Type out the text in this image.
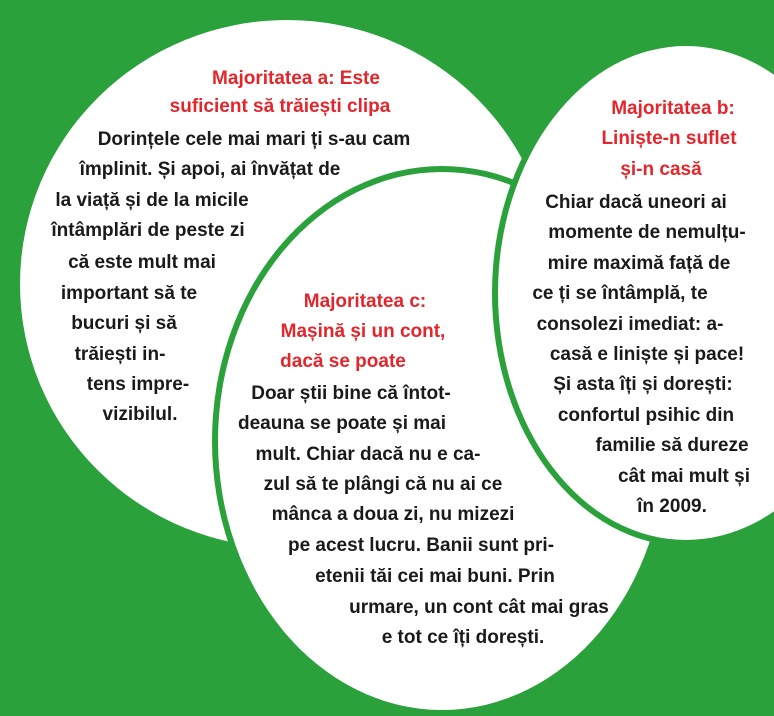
Majoritatea a: Este
suficient să trăiești clipa
Dorințele cele mai mari ți s-au cam
împlinit. Și apoi, ai învățat de
la viață și de la micile
întâmplări de peste zi
că este mult mai
important să te
bucuri și să
trăiești in-
tens impre-
vizibilul.
Majoritatea c:
Mașină și un cont,
dacă se poate
Doar știi bine că întot-
deauna se poate și mai
mult. Chiar dacă nu e ca-
zul să te plângi că nu ai ce
mânca a doua zi, nu mizezi
pe acest lucru. Banii sunt pri-
etenii tăi cei mai buni. Prin
urmare, un cont cât mai gras
e tot ce îți dorești.
Majoritatea b:
Liniște-n suflet
și-n casă
Chiar dacă uneori ai
momente de nemulțu-
mire maximă față de
ce ți se întâmplă, te
consolezi imediat: a-
casă e liniște și pace!
Și asta îți și dorești:
confortul psihic din
familie să dureze
cât mai mult și
în 2009.
